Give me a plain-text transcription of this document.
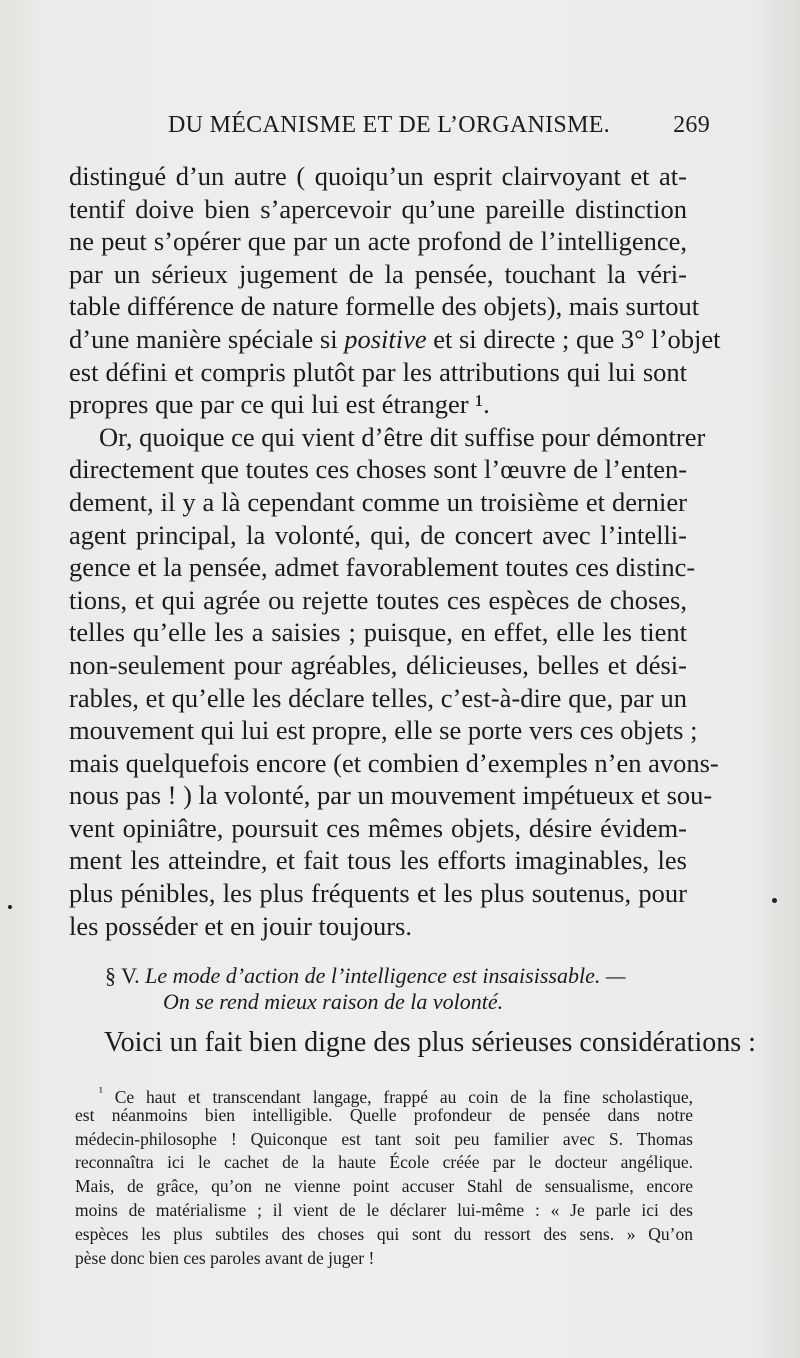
DU MÉCANISME ET DE L’ORGANISME.	269
distingué d’un autre ( quoiqu’un esprit clairvoyant et at-
tentif doive bien s’apercevoir qu’une pareille distinction
ne peut s’opérer que par un acte profond de l’intelligence,
par un sérieux jugement de la pensée, touchant la véri-
table différence de nature formelle des objets), mais surtout
d’une manière spéciale si positive et si directe ; que 3° l’objet
est défini et compris plutôt par les attributions qui lui sont
propres que par ce qui lui est étranger ¹.
Or, quoique ce qui vient d’être dit suffise pour démontrer
directement que toutes ces choses sont l’œuvre de l’enten-
dement, il y a là cependant comme un troisième et dernier
agent principal, la volonté, qui, de concert avec l’intelli-
gence et la pensée, admet favorablement toutes ces distinc-
tions, et qui agrée ou rejette toutes ces espèces de choses,
telles qu’elle les a saisies ; puisque, en effet, elle les tient
non-seulement pour agréables, délicieuses, belles et dési-
rables, et qu’elle les déclare telles, c’est-à-dire que, par un
mouvement qui lui est propre, elle se porte vers ces objets ;
mais quelquefois encore (et combien d’exemples n’en avons-
nous pas ! ) la volonté, par un mouvement impétueux et sou-
vent opiniâtre, poursuit ces mêmes objets, désire évidem-
ment les atteindre, et fait tous les efforts imaginables, les
plus pénibles, les plus fréquents et les plus soutenus, pour
les posséder et en jouir toujours.
§ V. Le mode d’action de l’intelligence est insaisissable. —
On se rend mieux raison de la volonté.
Voici un fait bien digne des plus sérieuses considérations :
$^{^1}$ Ce haut et transcendant langage, frappé au coin de la fine scholastique,
est néanmoins bien intelligible. Quelle profondeur de pensée dans notre
médecin-philosophe ! Quiconque est tant soit peu familier avec S. Thomas
reconnaîtra ici le cachet de la haute École créée par le docteur angélique.
Mais, de grâce, qu’on ne vienne point accuser Stahl de sensualisme, encore
moins de matérialisme ; il vient de le déclarer lui-même : « Je parle ici des
espèces les plus subtiles des choses qui sont du ressort des sens. » Qu’on
pèse donc bien ces paroles avant de juger !
